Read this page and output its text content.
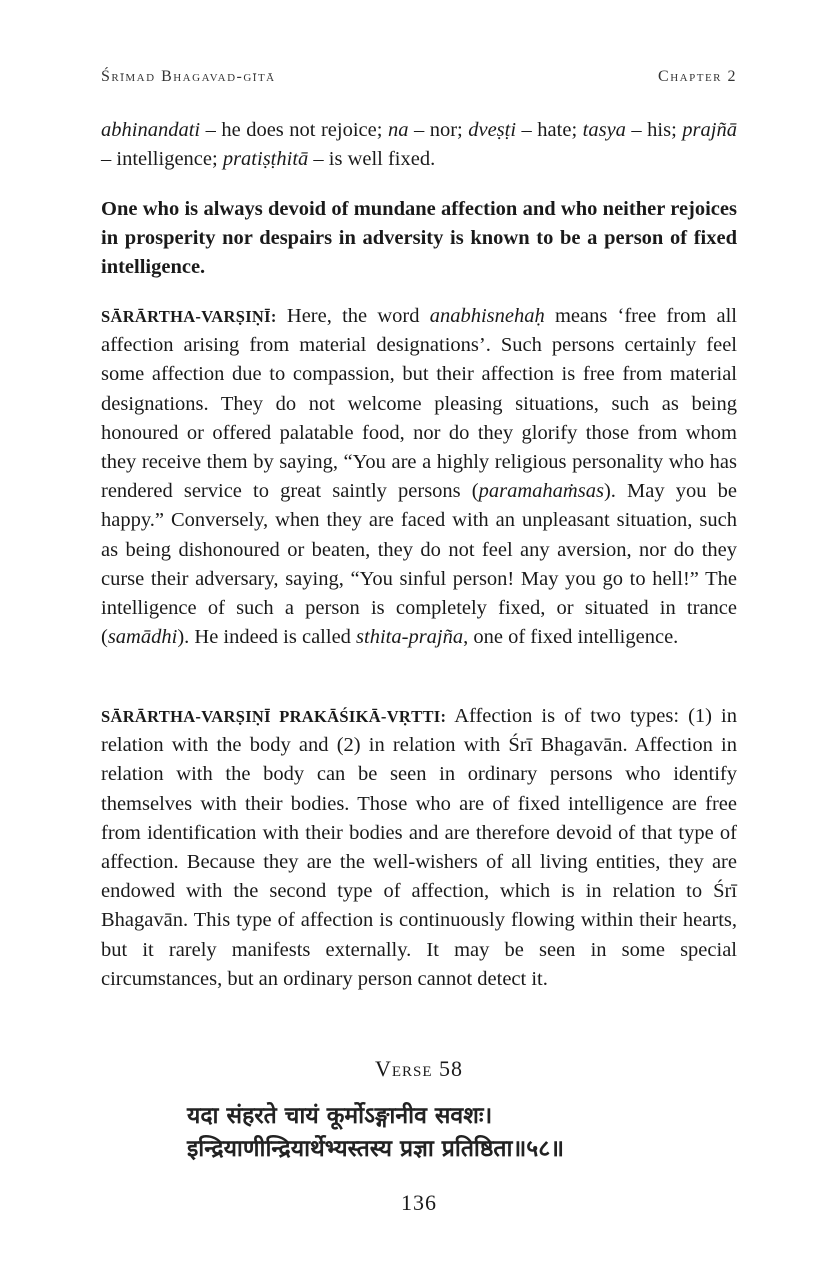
Śrīmad Bhagavad-gītā	Chapter 2

abhinandati – he does not rejoice; na – nor; dveṣṭi – hate; tasya – his; prajñā – intelligence; pratiṣṭhitā – is well fixed.

One who is always devoid of mundane affection and who neither rejoices in prosperity nor despairs in adversity is known to be a person of fixed intelligence.

SĀRĀRTHA-VARṢIṆĪ: Here, the word anabhisnehaḥ means ‘free from all affection arising from material designations’. Such persons certainly feel some affection due to compassion, but their affection is free from material designations. They do not welcome pleasing situations, such as being honoured or offered palatable food, nor do they glorify those from whom they receive them by saying, “You are a highly religious personality who has rendered service to great saintly persons (paramahaṁsas). May you be happy.” Conversely, when they are faced with an unpleasant situation, such as being dishonoured or beaten, they do not feel any aversion, nor do they curse their adversary, saying, “You sinful person! May you go to hell!” The intelligence of such a person is completely fixed, or situated in trance (samādhi). He indeed is called sthita-prajña, one of fixed intelligence.

SĀRĀRTHA-VARṢIṆĪ PRAKĀŚIKĀ-VṚTTI: Affection is of two types: (1) in relation with the body and (2) in relation with Śrī Bhagavān. Affection in relation with the body can be seen in ordinary persons who identify themselves with their bodies. Those who are of fixed intelligence are free from identification with their bodies and are therefore devoid of that type of affection. Because they are the well-wishers of all living entities, they are endowed with the second type of affection, which is in relation to Śrī Bhagavān. This type of affection is continuously flowing within their hearts, but it rarely manifests externally. It may be seen in some special circumstances, but an ordinary person cannot detect it.

Verse 58
यदा संहरते चायं कूर्मोऽङ्गानीव सवशः।
इन्द्रियाणीन्द्रियार्थेभ्यस्तस्य प्रज्ञा प्रतिष्ठिता॥५८॥
136
